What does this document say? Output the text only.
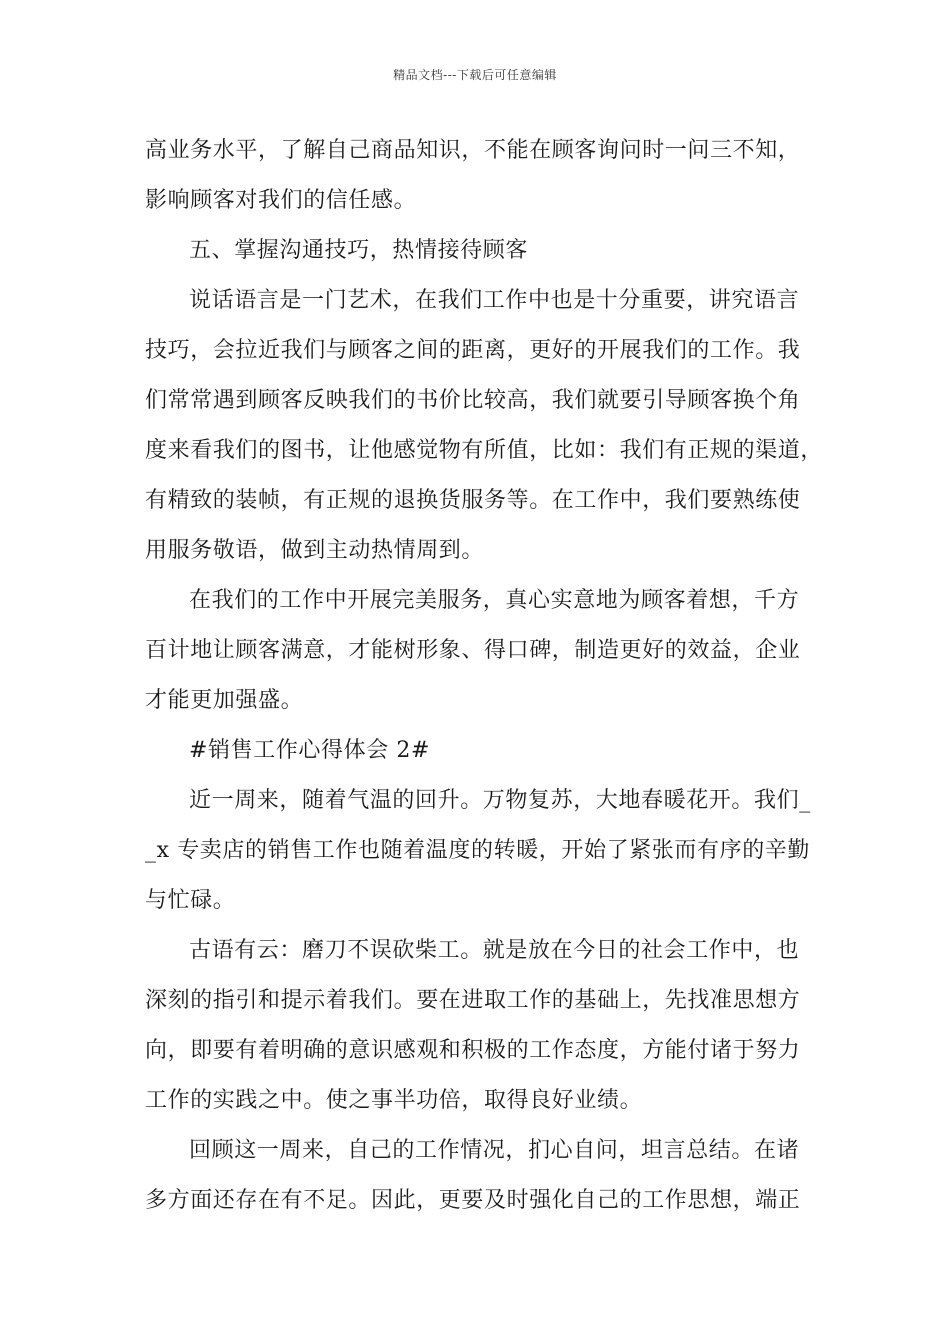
精品文档---下载后可任意编辑
高业务水平，了解自己商品知识，不能在顾客询问时一问三不知，
影响顾客对我们的信任感。
五、掌握沟通技巧，热情接待顾客
说话语言是一门艺术，在我们工作中也是十分重要，讲究语言
技巧，会拉近我们与顾客之间的距离，更好的开展我们的工作。我
们常常遇到顾客反映我们的书价比较高，我们就要引导顾客换个角
度来看我们的图书，让他感觉物有所值，比如：我们有正规的渠道，
有精致的装帧，有正规的退换货服务等。在工作中，我们要熟练使
用服务敬语，做到主动热情周到。
在我们的工作中开展完美服务，真心实意地为顾客着想，千方
百计地让顾客满意，才能树形象、得口碑，制造更好的效益，企业
才能更加强盛。
#销售工作心得体会 2#
近一周来，随着气温的回升。万物复苏，大地春暖花开。我们_
_x 专卖店的销售工作也随着温度的转暖，开始了紧张而有序的辛勤
与忙碌。
古语有云：磨刀不误砍柴工。就是放在今日的社会工作中，也
深刻的指引和提示着我们。要在进取工作的基础上，先找准思想方
向，即要有着明确的意识感观和积极的工作态度，方能付诸于努力
工作的实践之中。使之事半功倍，取得良好业绩。
回顾这一周来，自己的工作情况，扪心自问，坦言总结。在诸
多方面还存在有不足。因此，更要及时强化自己的工作思想，端正
